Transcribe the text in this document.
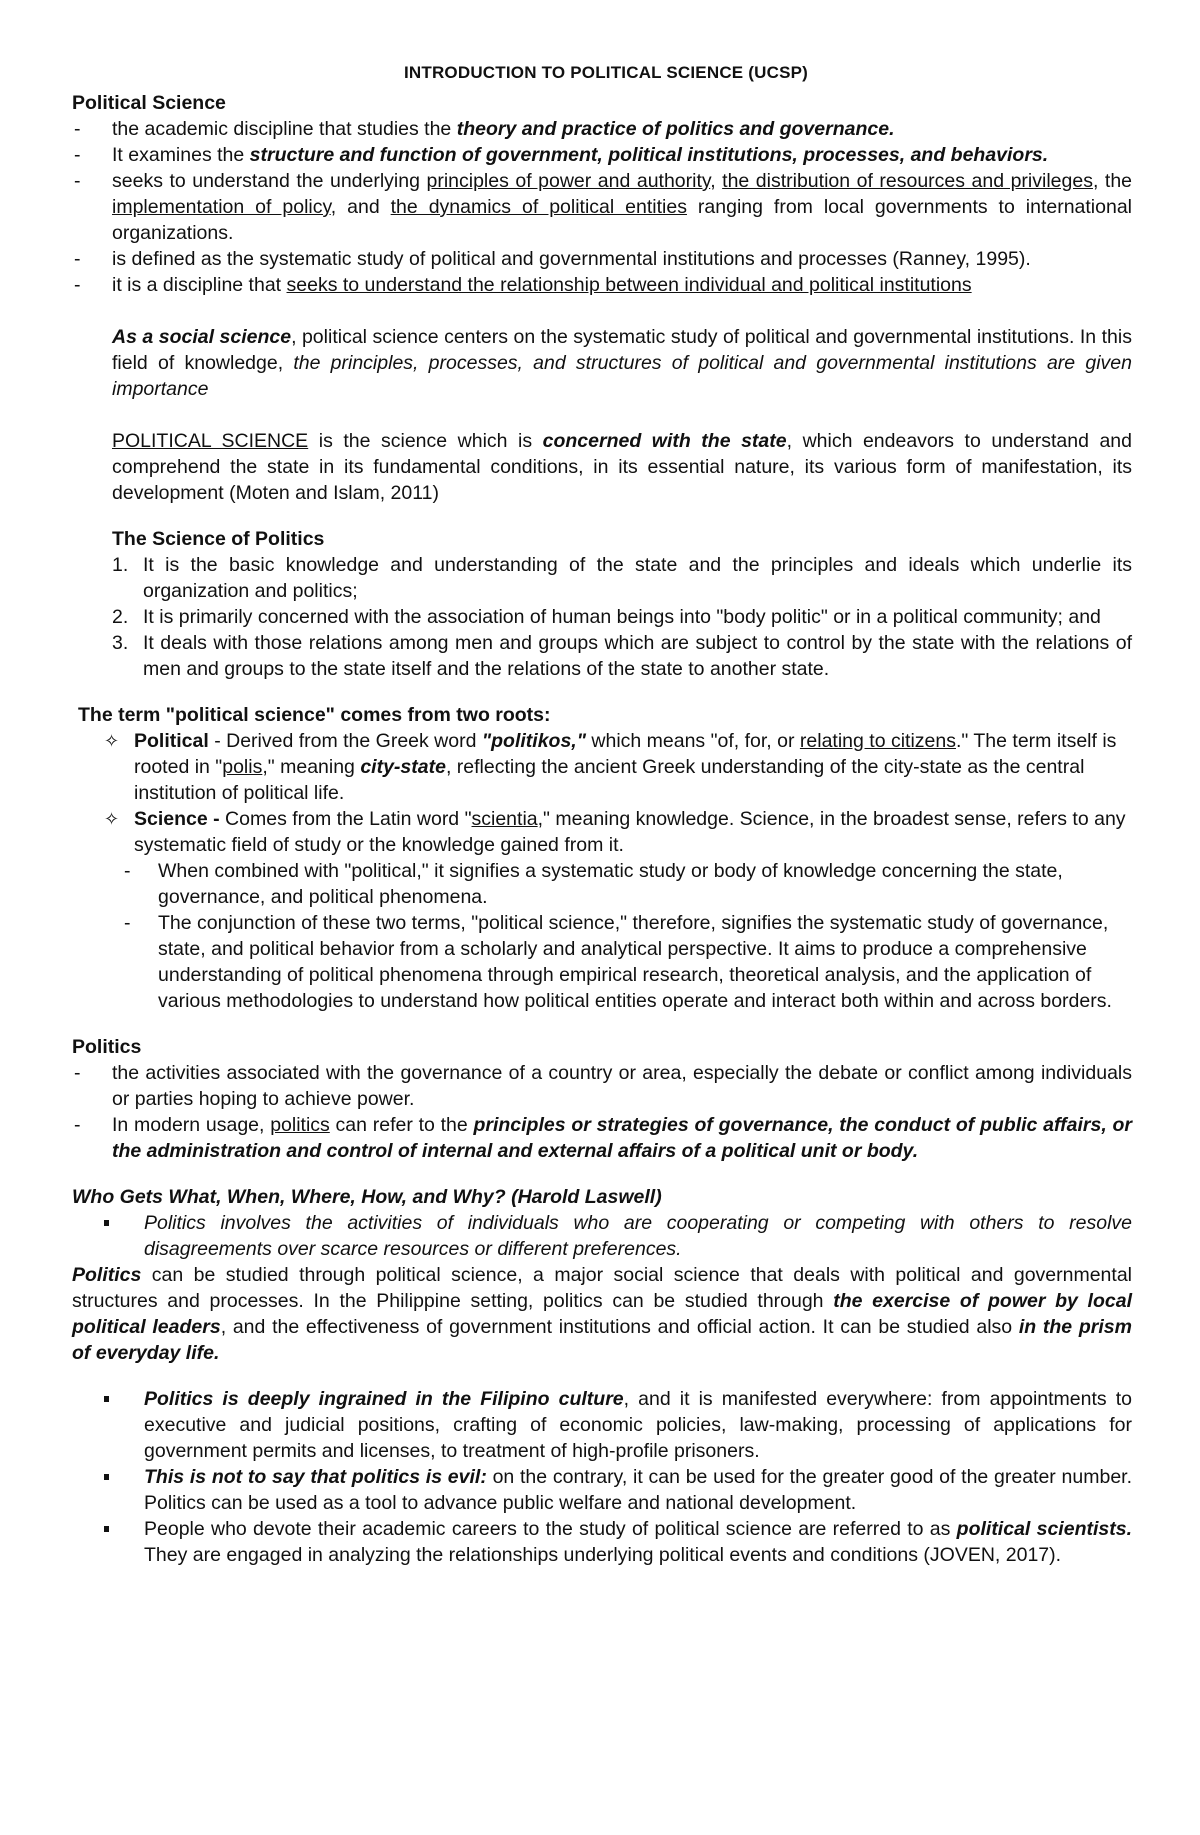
INTRODUCTION TO POLITICAL SCIENCE (UCSP)
Political Science
- the academic discipline that studies the theory and practice of politics and governance.
- It examines the structure and function of government, political institutions, processes, and behaviors.
- seeks to understand the underlying principles of power and authority, the distribution of resources and privileges, the implementation of policy, and the dynamics of political entities ranging from local governments to international organizations.
- is defined as the systematic study of political and governmental institutions and processes (Ranney, 1995).
- it is a discipline that seeks to understand the relationship between individual and political institutions

As a social science, political science centers on the systematic study of political and governmental institutions. In this field of knowledge, the principles, processes, and structures of political and governmental institutions are given importance

POLITICAL SCIENCE is the science which is concerned with the state, which endeavors to understand and comprehend the state in its fundamental conditions, in its essential nature, its various form of manifestation, its development (Moten and Islam, 2011)

The Science of Politics
1. It is the basic knowledge and understanding of the state and the principles and ideals which underlie its organization and politics;
2. It is primarily concerned with the association of human beings into "body politic" or in a political community; and
3. It deals with those relations among men and groups which are subject to control by the state with the relations of men and groups to the state itself and the relations of the state to another state.
The term "political science" comes from two roots:
✧ Political - Derived from the Greek word "politikos," which means "of, for, or relating to citizens." The term itself is rooted in "polis," meaning city-state, reflecting the ancient Greek understanding of the city-state as the central institution of political life.
✧ Science - Comes from the Latin word "scientia," meaning knowledge. Science, in the broadest sense, refers to any systematic field of study or the knowledge gained from it.
- When combined with "political," it signifies a systematic study or body of knowledge concerning the state, governance, and political phenomena.
- The conjunction of these two terms, "political science," therefore, signifies the systematic study of governance, state, and political behavior from a scholarly and analytical perspective. It aims to produce a comprehensive understanding of political phenomena through empirical research, theoretical analysis, and the application of various methodologies to understand how political entities operate and interact both within and across borders.
Politics
- the activities associated with the governance of a country or area, especially the debate or conflict among individuals or parties hoping to achieve power.
- In modern usage, politics can refer to the principles or strategies of governance, the conduct of public affairs, or the administration and control of internal and external affairs of a political unit or body.
Who Gets What, When, Where, How, and Why? (Harold Laswell)
Politics involves the activities of individuals who are cooperating or competing with others to resolve disagreements over scarce resources or different preferences.

Politics can be studied through political science, a major social science that deals with political and governmental structures and processes. In the Philippine setting, politics can be studied through the exercise of power by local political leaders, and the effectiveness of government institutions and official action. It can be studied also in the prism of everyday life.

Politics is deeply ingrained in the Filipino culture, and it is manifested everywhere: from appointments to executive and judicial positions, crafting of economic policies, law-making, processing of applications for government permits and licenses, to treatment of high-profile prisoners.
This is not to say that politics is evil: on the contrary, it can be used for the greater good of the greater number. Politics can be used as a tool to advance public welfare and national development.
People who devote their academic careers to the study of political science are referred to as political scientists. They are engaged in analyzing the relationships underlying political events and conditions (JOVEN, 2017).
